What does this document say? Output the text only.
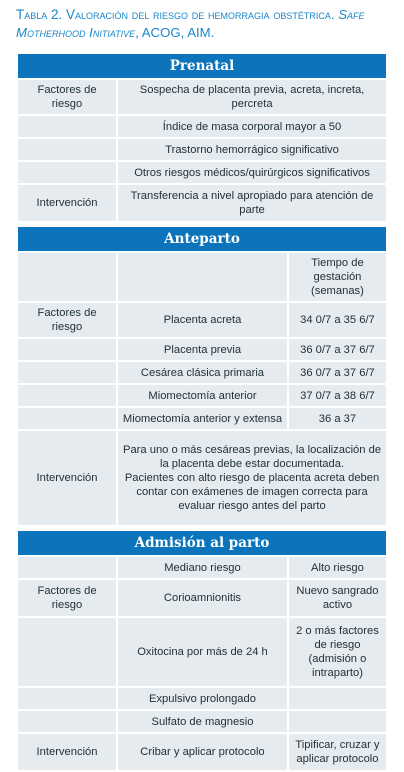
Tabla 2. Valoración del riesgo de hemorragia obstétrica. Safe Motherhood Initiative, ACOG, AIM.
Prenatal		
Factores de riesgo	Sospecha de placenta previa, acreta, increta, percreta	
	Índice de masa corporal mayor a 50	
	Trastorno hemorrágico significativo	
	Otros riesgos médicos/quirúrgicos significativos	
Intervención	Transferencia a nivel apropiado para atención de parte	

Anteparto		
		Tiempo de gestación (semanas)
Factores de riesgo	Placenta acreta	34 0/7 a 35 6/7
	Placenta previa	36 0/7 a 37 6/7
	Cesárea clásica primaria	36 0/7 a 37 6/7
	Miomectomía anterior	37 0/7 a 38 6/7
	Miomectomía anterior y extensa	36 a 37
Intervención	Para uno o más cesáreas previas, la localización de la placenta debe estar documentada.
Pacientes con alto riesgo de placenta acreta deben contar con exámenes de imagen correcta para evaluar riesgo antes del parto	

Admisión al parto		
	Mediano riesgo	Alto riesgo
Factores de riesgo	Corioamnionitis	Nuevo sangrado activo
	Oxitocina por más de 24 h	2 o más factores de riesgo (admisión o intraparto)
	Expulsivo prolongado	
	Sulfato de magnesio	
Intervención	Cribar y aplicar protocolo	Tipificar, cruzar y aplicar protocolo
